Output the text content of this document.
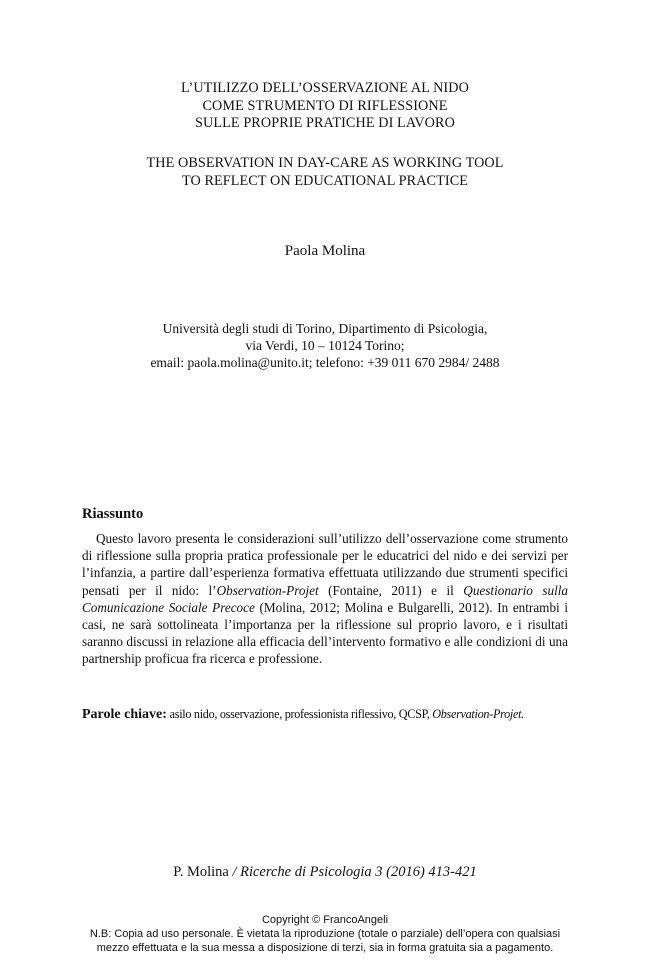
L’UTILIZZO DELL’OSSERVAZIONE AL NIDO
COME STRUMENTO DI RIFLESSIONE
SULLE PROPRIE PRATICHE DI LAVORO
THE OBSERVATION IN DAY-CARE AS WORKING TOOL
TO REFLECT ON EDUCATIONAL PRACTICE
Paola Molina
Università degli studi di Torino, Dipartimento di Psicologia,
via Verdi, 10 – 10124 Torino;
email: paola.molina@unito.it; telefono: +39 011 670 2984/ 2488
Riassunto

Questo lavoro presenta le considerazioni sull’utilizzo dell’osservazione come strumento di riflessione sulla propria pratica professionale per le educatrici del nido e dei servizi per l’infanzia, a partire dall’esperienza formativa effettuata utilizzando due strumenti specifici pensati per il nido: l’Observation-Projet (Fontaine, 2011) e il Questionario sulla Comunicazione Sociale Precoce (Molina, 2012; Molina e Bulgarelli, 2012). In entrambi i casi, ne sarà sottolineata l’importanza per la riflessione sul proprio lavoro, e i risultati saranno discussi in relazione alla efficacia dell’intervento formativo e alle condizioni di una partnership proficua fra ricerca e professione.

Parole chiave: asilo nido, osservazione, professionista riflessivo, QCSP, Observation-Projet.

P. Molina / Ricerche di Psicologia 3 (2016) 413-421
Copyright © FrancoAngeli
N.B: Copia ad uso personale. È vietata la riproduzione (totale o parziale) dell’opera con qualsiasi
mezzo effettuata e la sua messa a disposizione di terzi, sia in forma gratuita sia a pagamento.
